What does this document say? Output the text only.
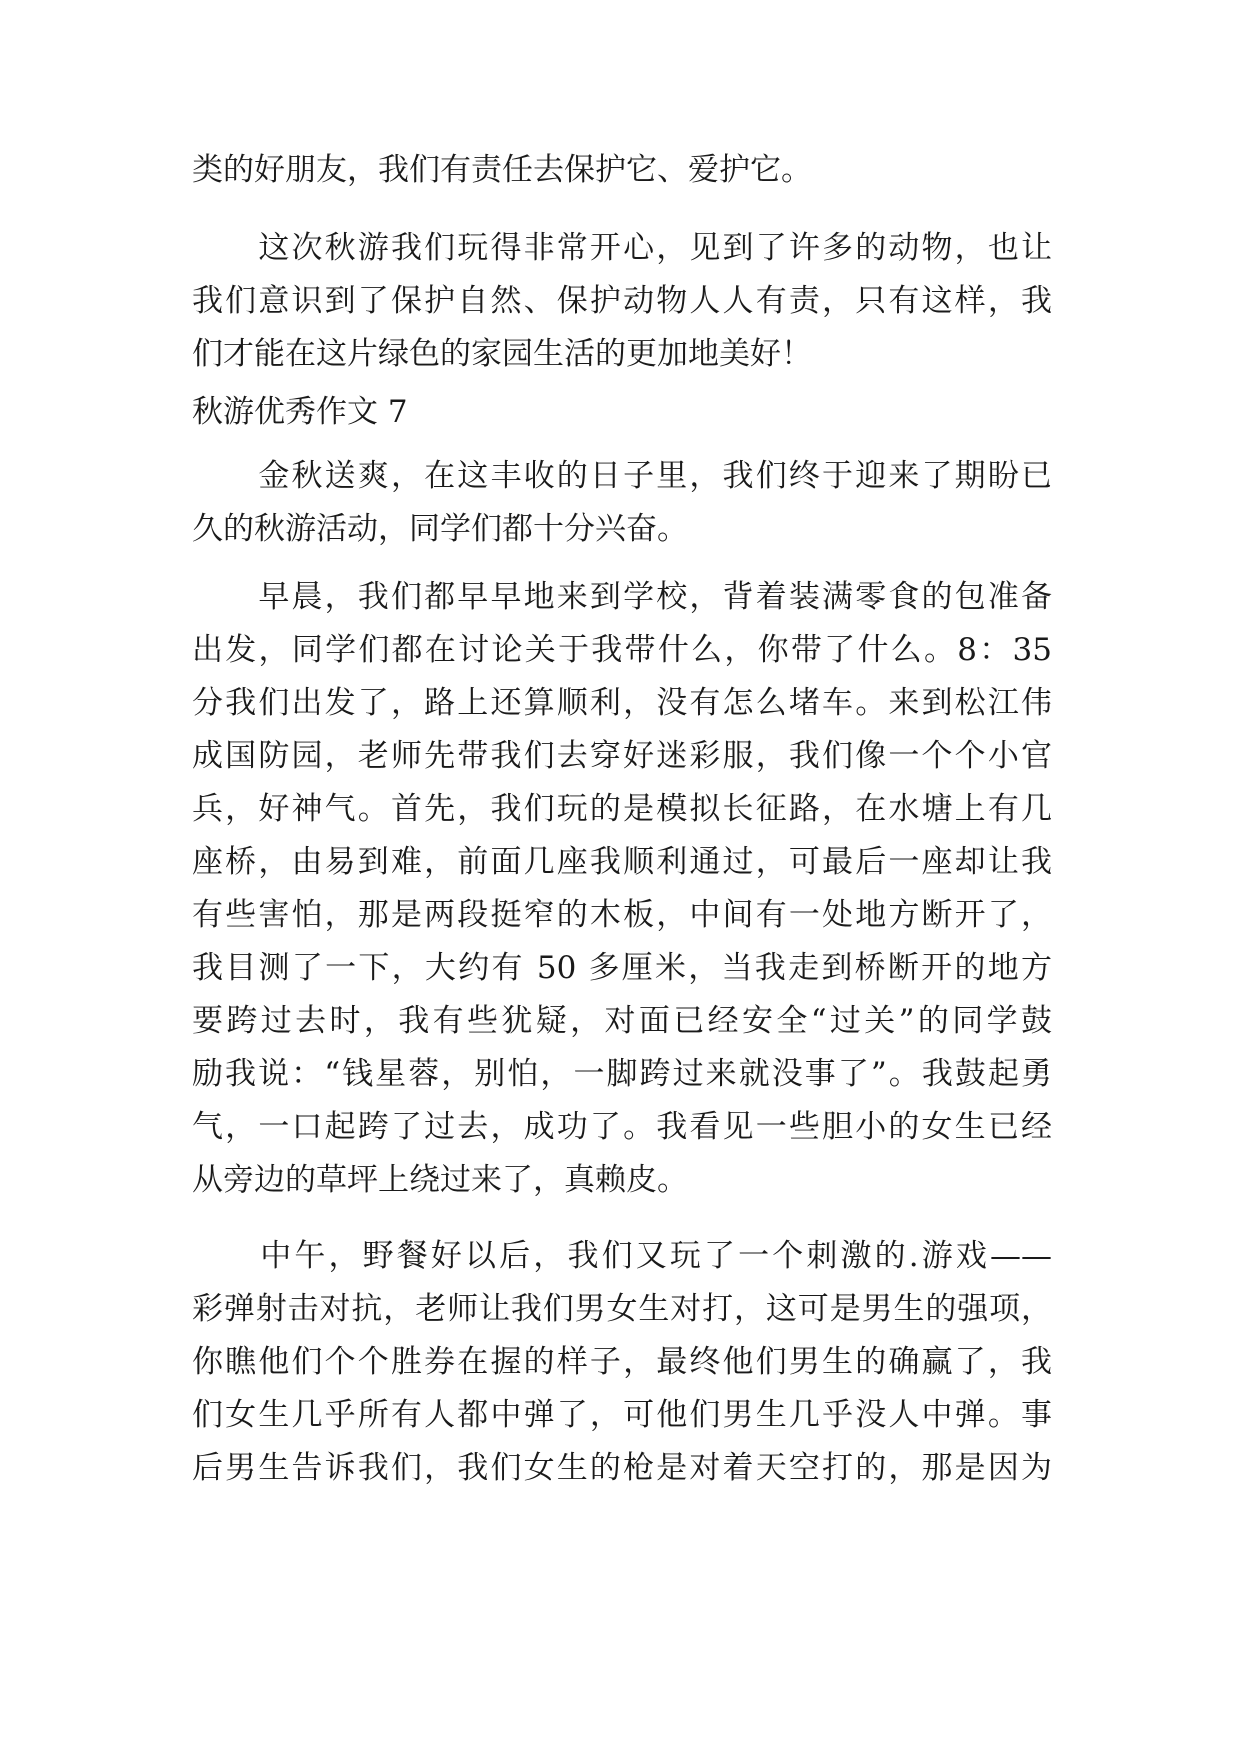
类的好朋友，我们有责任去保护它、爱护它。
　　这次秋游我们玩得非常开心，见到了许多的动物，也让
我们意识到了保护自然、保护动物人人有责，只有这样，我
们才能在这片绿色的家园生活的更加地美好！
秋游优秀作文 7
　　金秋送爽，在这丰收的日子里，我们终于迎来了期盼已
久的秋游活动，同学们都十分兴奋。
　　早晨，我们都早早地来到学校，背着装满零食的包准备
出发，同学们都在讨论关于我带什么，你带了什么。8：35
分我们出发了，路上还算顺利，没有怎么堵车。来到松江伟
成国防园，老师先带我们去穿好迷彩服，我们像一个个小官
兵，好神气。首先，我们玩的是模拟长征路，在水塘上有几
座桥，由易到难，前面几座我顺利通过，可最后一座却让我
有些害怕，那是两段挺窄的木板，中间有一处地方断开了，
我目测了一下，大约有 50 多厘米，当我走到桥断开的地方
要跨过去时，我有些犹疑，对面已经安全“过关”的同学鼓
励我说：“钱星蓉，别怕，一脚跨过来就没事了”。我鼓起勇
气，一口起跨了过去，成功了。我看见一些胆小的女生已经
从旁边的草坪上绕过来了，真赖皮。
　　中午，野餐好以后，我们又玩了一个刺激的.游戏——
彩弹射击对抗，老师让我们男女生对打，这可是男生的强项，
你瞧他们个个胜券在握的样子，最终他们男生的确赢了，我
们女生几乎所有人都中弹了，可他们男生几乎没人中弹。事
后男生告诉我们，我们女生的枪是对着天空打的，那是因为
